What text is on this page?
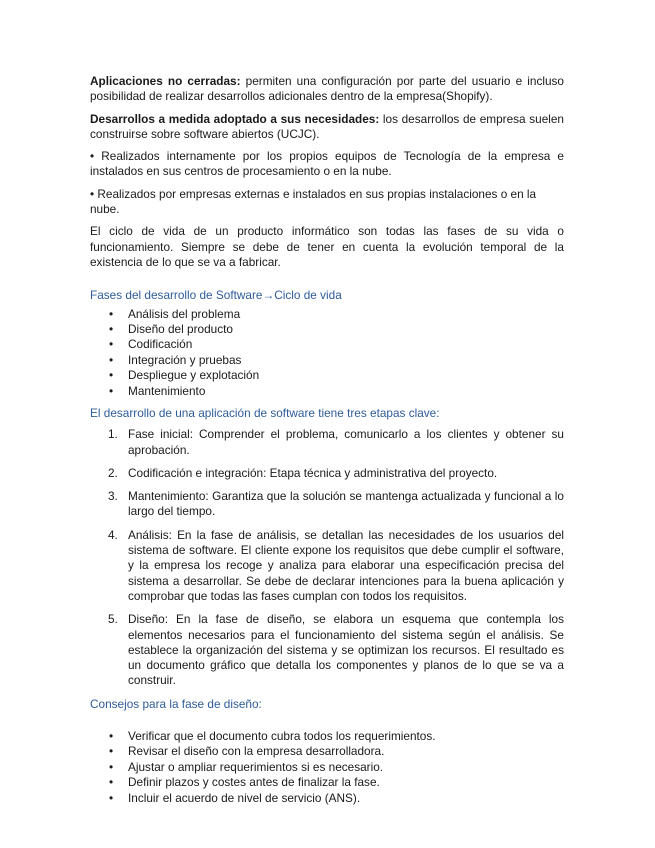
Aplicaciones no cerradas: permiten una configuración por parte del usuario e incluso posibilidad de realizar desarrollos adicionales dentro de la empresa(Shopify).

Desarrollos a medida adoptado a sus necesidades: los desarrollos de empresa suelen construirse sobre software abiertos (UCJC).

• Realizados internamente por los propios equipos de Tecnología de la empresa e instalados en sus centros de procesamiento o en la nube.

• Realizados por empresas externas e instalados en sus propias instalaciones o en la nube.

El ciclo de vida de un producto informático son todas las fases de su vida o funcionamiento. Siempre se debe de tener en cuenta la evolución temporal de la existencia de lo que se va a fabricar.

Fases del desarrollo de Software→Ciclo de vida

• Análisis del problema
• Diseño del producto
• Codificación
• Integración y pruebas
• Despliegue y explotación
• Mantenimiento

El desarrollo de una aplicación de software tiene tres etapas clave:

1. Fase inicial: Comprender el problema, comunicarlo a los clientes y obtener su aprobación.
2. Codificación e integración: Etapa técnica y administrativa del proyecto.
3. Mantenimiento: Garantiza que la solución se mantenga actualizada y funcional a lo largo del tiempo.
4. Análisis: En la fase de análisis, se detallan las necesidades de los usuarios del sistema de software. El cliente expone los requisitos que debe cumplir el software, y la empresa los recoge y analiza para elaborar una especificación precisa del sistema a desarrollar. Se debe de declarar intenciones para la buena aplicación y comprobar que todas las fases cumplan con todos los requisitos.
5. Diseño: En la fase de diseño, se elabora un esquema que contempla los elementos necesarios para el funcionamiento del sistema según el análisis. Se establece la organización del sistema y se optimizan los recursos. El resultado es un documento gráfico que detalla los componentes y planos de lo que se va a construir.

Consejos para la fase de diseño:

• Verificar que el documento cubra todos los requerimientos.
• Revisar el diseño con la empresa desarrolladora.
• Ajustar o ampliar requerimientos si es necesario.
• Definir plazos y costes antes de finalizar la fase.
• Incluir el acuerdo de nivel de servicio (ANS).
